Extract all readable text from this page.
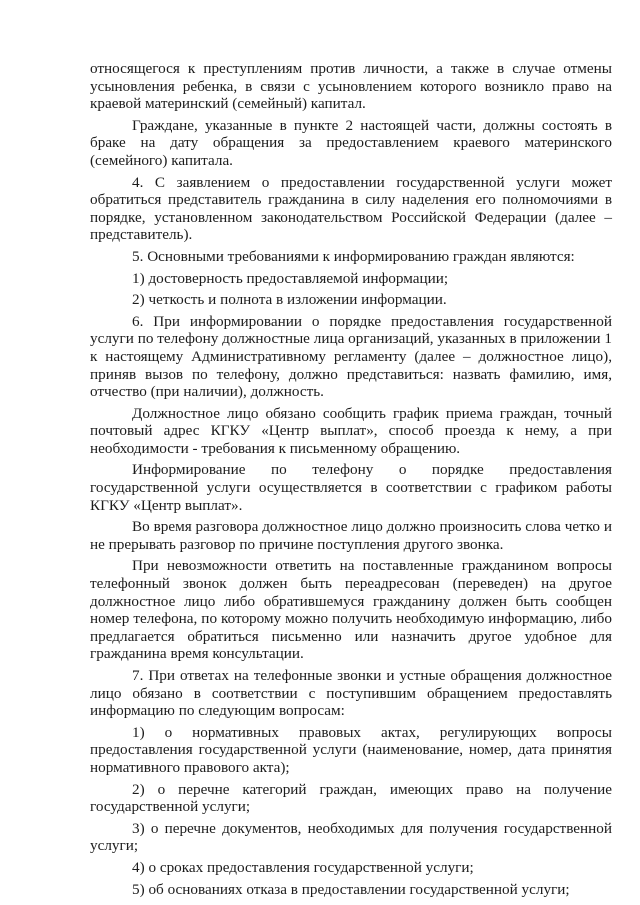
относящегося к преступлениям против личности, а также в случае отмены усыновления ребенка, в связи с усыновлением которого возникло право на краевой материнский (семейный) капитал.

Граждане, указанные в пункте 2 настоящей части, должны состоять в браке на дату обращения за предоставлением краевого материнского (семейного) капитала.

4. С заявлением о предоставлении государственной услуги может обратиться представитель гражданина в силу наделения его полномочиями в порядке, установленном законодательством Российской Федерации (далее – представитель).

5. Основными требованиями к информированию граждан являются:

1) достоверность предоставляемой информации;

2) четкость и полнота в изложении информации.

6. При информировании о порядке предоставления государственной услуги по телефону должностные лица организаций, указанных в приложении 1 к настоящему Административному регламенту (далее – должностное лицо), приняв вызов по телефону, должно представиться: назвать фамилию, имя, отчество (при наличии), должность.

Должностное лицо обязано сообщить график приема граждан, точный почтовый адрес КГКУ «Центр выплат», способ проезда к нему, а при необходимости - требования к письменному обращению.

Информирование по телефону о порядке предоставления государственной услуги осуществляется в соответствии с графиком работы КГКУ «Центр выплат».

Во время разговора должностное лицо должно произносить слова четко и не прерывать разговор по причине поступления другого звонка.

При невозможности ответить на поставленные гражданином вопросы телефонный звонок должен быть переадресован (переведен) на другое должностное лицо либо обратившемуся гражданину должен быть сообщен номер телефона, по которому можно получить необходимую информацию, либо предлагается обратиться письменно или назначить другое удобное для гражданина время консультации.

7. При ответах на телефонные звонки и устные обращения должностное лицо обязано в соответствии с поступившим обращением предоставлять информацию по следующим вопросам:

1) о нормативных правовых актах, регулирующих вопросы предоставления государственной услуги (наименование, номер, дата принятия нормативного правового акта);

2) о перечне категорий граждан, имеющих право на получение государственной услуги;

3) о перечне документов, необходимых для получения государственной услуги;

4) о сроках предоставления государственной услуги;

5) об основаниях отказа в предоставлении государственной услуги;
